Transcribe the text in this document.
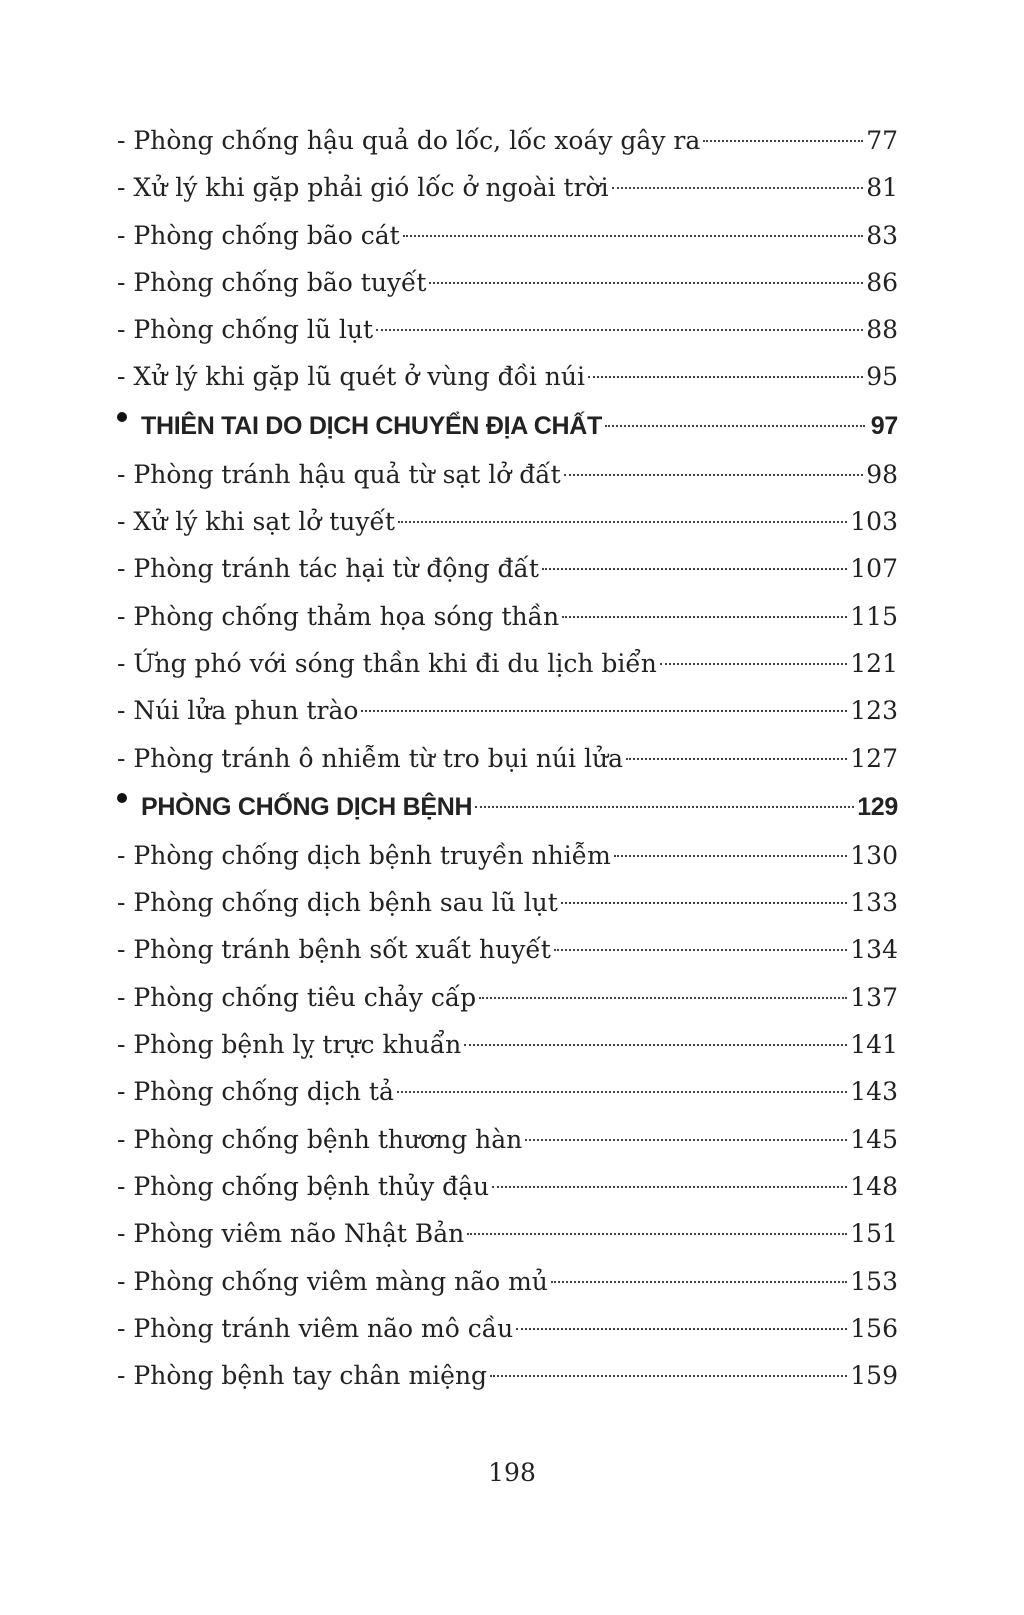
- Phòng chống hậu quả do lốc, lốc xoáy gây ra	77
- Xử lý khi gặp phải gió lốc ở ngoài trời	81
- Phòng chống bão cát	83
- Phòng chống bão tuyết	86
- Phòng chống lũ lụt	88
- Xử lý khi gặp lũ quét ở vùng đồi núi	95
THIÊN TAI DO DỊCH CHUYỂN ĐỊA CHẤT	97
- Phòng tránh hậu quả từ sạt lở đất	98
- Xử lý khi sạt lở tuyết	103
- Phòng tránh tác hại từ động đất	107
- Phòng chống thảm họa sóng thần	115
- Ứng phó với sóng thần khi đi du lịch biển	121
- Núi lửa phun trào	123
- Phòng tránh ô nhiễm từ tro bụi núi lửa	127
PHÒNG CHỐNG DỊCH BỆNH	129
- Phòng chống dịch bệnh truyền nhiễm	130
- Phòng chống dịch bệnh sau lũ lụt	133
- Phòng tránh bệnh sốt xuất huyết	134
- Phòng chống tiêu chảy cấp	137
- Phòng bệnh lỵ trực khuẩn	141
- Phòng chống dịch tả	143
- Phòng chống bệnh thương hàn	145
- Phòng chống bệnh thủy đậu	148
- Phòng viêm não Nhật Bản	151
- Phòng chống viêm màng não mủ	153
- Phòng tránh viêm não mô cầu	156
- Phòng bệnh tay chân miệng	159
198
